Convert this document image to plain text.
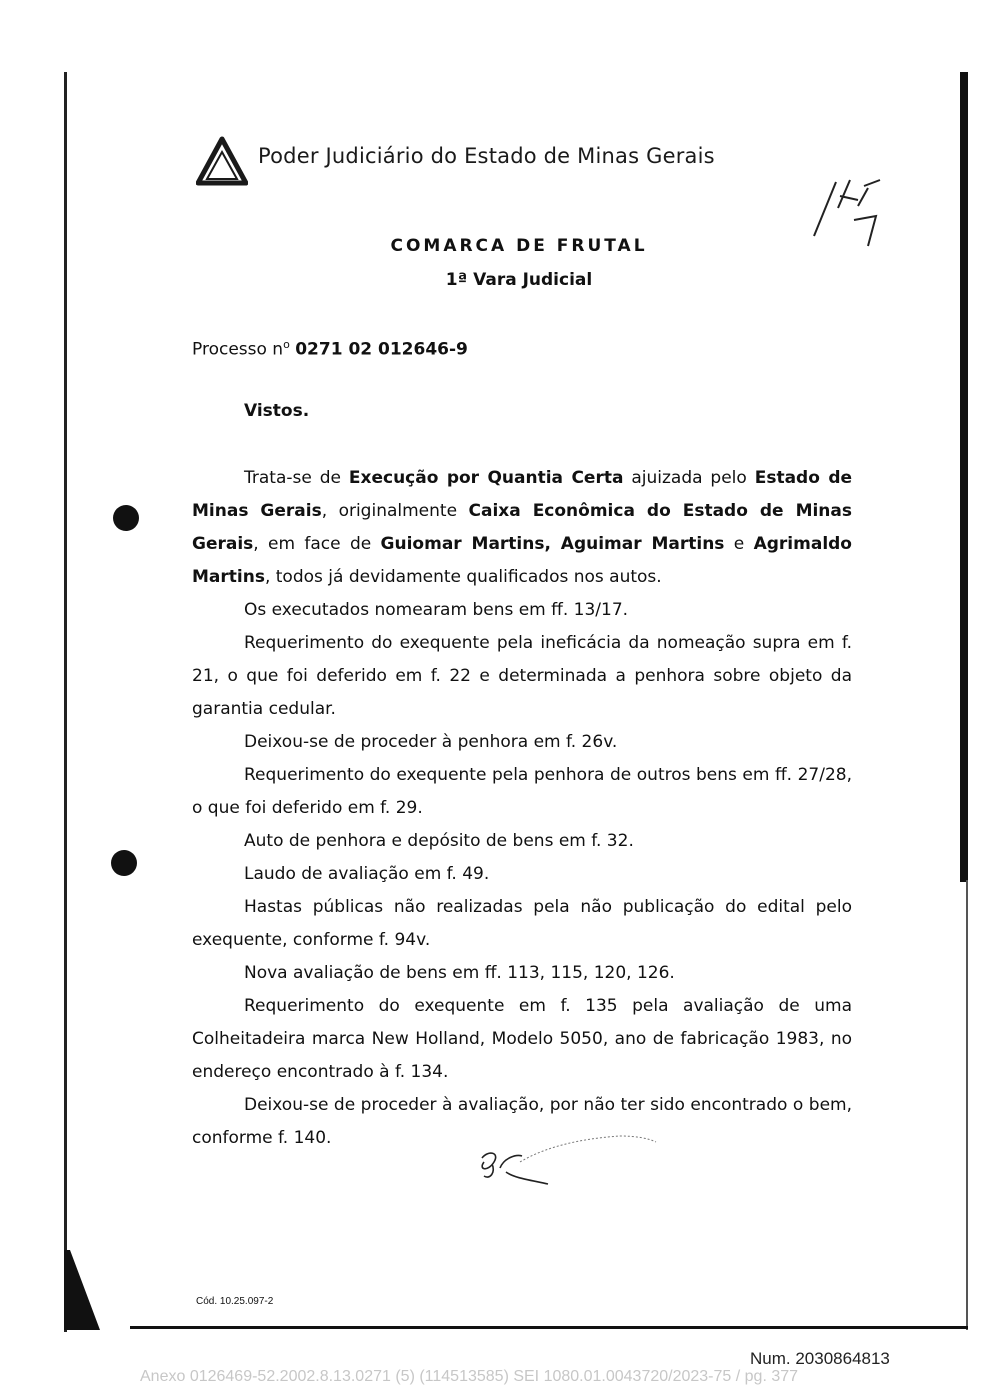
Poder Judiciário do Estado de Minas Gerais
COMARCA DE FRUTAL
1ª Vara Judicial
Processo $n^o$ 0271 02 012646-9
Vistos.

Trata-se de Execução por Quantia Certa ajuizada pelo Estado de Minas Gerais, originalmente Caixa Econômica do Estado de Minas Gerais, em face de Guiomar Martins, Aguimar Martins e Agrimaldo Martins, todos já devidamente qualificados nos autos.

Os executados nomearam bens em ff. 13/17.

Requerimento do exequente pela ineficácia da nomeação supra em f. 21, o que foi deferido em f. 22 e determinada a penhora sobre objeto da garantia cedular.

Deixou-se de proceder à penhora em f. 26v.

Requerimento do exequente pela penhora de outros bens em ff. 27/28, o que foi deferido em f. 29.

Auto de penhora e depósito de bens em f. 32.

Laudo de avaliação em f. 49.

Hastas públicas não realizadas pela não publicação do edital pelo exequente, conforme f. 94v.

Nova avaliação de bens em ff. 113, 115, 120, 126.

Requerimento do exequente em f. 135 pela avaliação de uma Colheitadeira marca New Holland, Modelo 5050, ano de fabricação 1983, no endereço encontrado à f. 134.

Deixou-se de proceder à avaliação, por não ter sido encontrado o bem, conforme f. 140.

Cód. 10.25.097-2
Num. 2030864813
Anexo 0126469-52.2002.8.13.0271 (5) (114513585) SEI 1080.01.0043720/2023-75 / pg. 377
